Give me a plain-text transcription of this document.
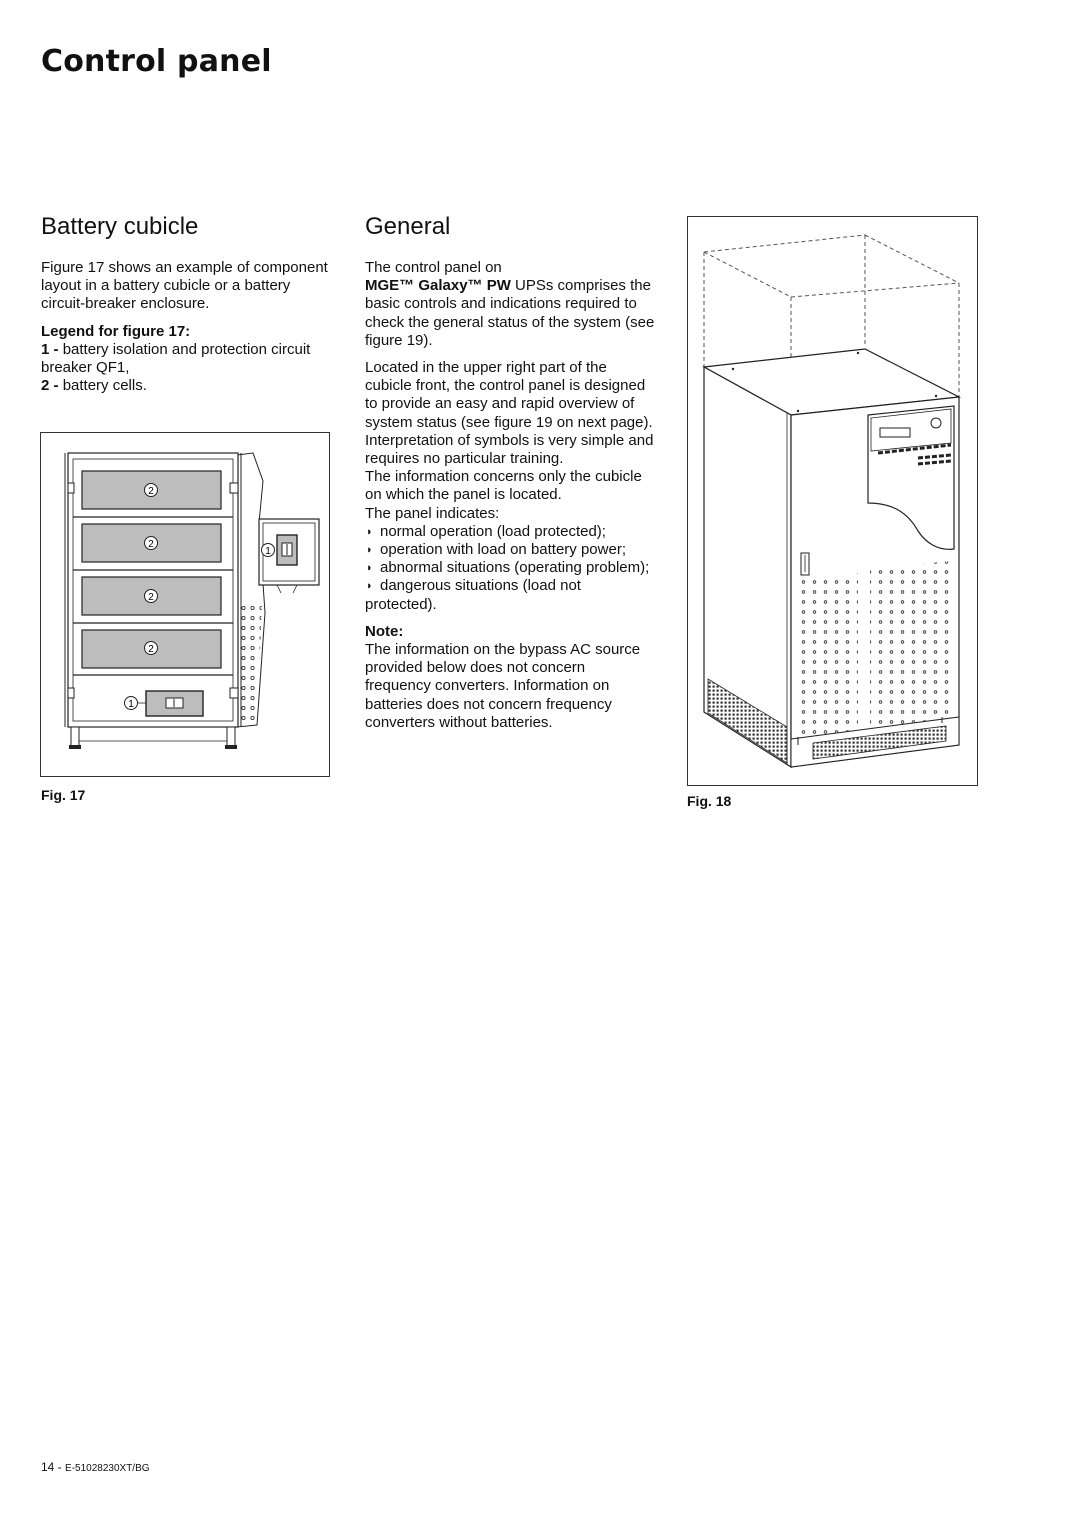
Control panel
Battery cubicle

Figure 17 shows an example of component layout in a battery cubicle or a battery circuit-breaker enclosure.

Legend for figure 17:

1 - battery isolation and protection circuit breaker QF1,

2 - battery cells.

2
2
2
2
1
1
Fig. 17
General

The control panel on
MGE™ Galaxy™ PW UPSs comprises the basic controls and indications required to check the general status of the system (see figure 19).

Located in the upper right part of the cubicle front, the control panel is designed to provide an easy and rapid overview of system status (see figure 19 on next page).

Interpretation of symbols is very simple and requires no particular training.

The information concerns only the cubicle on which the panel is located.

The panel indicates:

◗ normal operation (load protected);
◗ operation with load on battery power;
◗ abnormal situations (operating problem);
◗ dangerous situations (load not protected).

Note:

The information on the bypass AC source provided below does not concern frequency converters. Information on batteries does not concern frequency converters without batteries.

Fig. 18
14 - E-51028230XT/BG
